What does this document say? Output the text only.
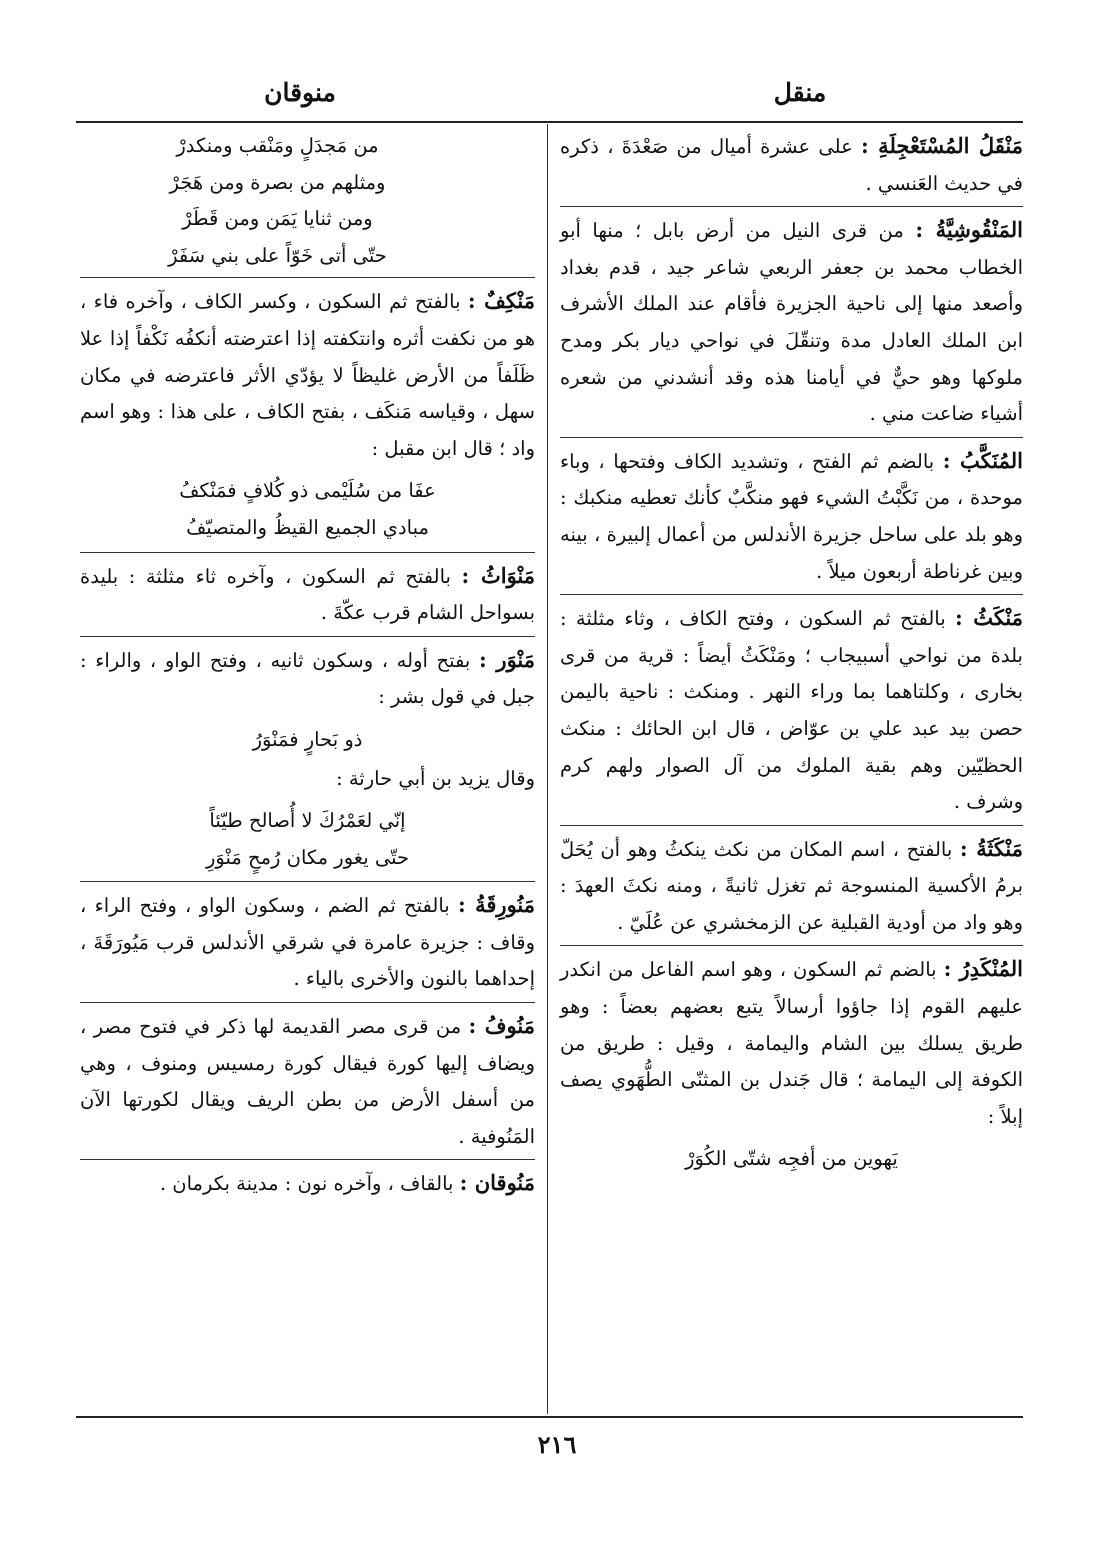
منقل
منوقان
مَنْقَلُ المُسْتَعْجِلَةِ : على عشرة أميال من صَعْدَةَ ، ذكره في حديث العَنسي .
المَنْقُوشِيَّةُ : من قرى النيل من أرض بابل ؛ منها أبو الخطاب محمد بن جعفر الربعي شاعر جيد ، قدم بغداد وأصعد منها إلى ناحية الجزيرة فأقام عند الملك الأشرف ابن الملك العادل مدة وتنقّلَ في نواحي ديار بكر ومدح ملوكها وهو حيٌّ في أيامنا هذه وقد أنشدني من شعره أشياء ضاعت مني .
المُنَكَّبُ : بالضم ثم الفتح ، وتشديد الكاف وفتحها ، وباء موحدة ، من نَكَّبْتُ الشيء فهو منكَّبٌ كأنك تعطيه منكبك : وهو بلد على ساحل جزيرة الأندلس من أعمال إلبيرة ، بينه وبين غرناطة أربعون ميلاً .
مَنْكَثُ : بالفتح ثم السكون ، وفتح الكاف ، وثاء مثلثة : بلدة من نواحي أسبيجاب ؛ ومَنْكَثُ أيضاً : قرية من قرى بخارى ، وكلتاهما بما وراء النهر . ومنكث : ناحية باليمن حصن بيد عبد علي بن عوّاض ، قال ابن الحائك : منكث الحظيّين وهم بقية الملوك من آل الصوار ولهم كرم وشرف .
مَنْكَثَةُ : بالفتح ، اسم المكان من نكث ينكثُ وهو أن يُحَلّ برمُ الأكسية المنسوجة ثم تغزل ثانيةً ، ومنه نكثَ العهدَ : وهو واد من أودية القبلية عن الزمخشري عن عُلَيّ .
المُنْكَدِرُ : بالضم ثم السكون ، وهو اسم الفاعل من انكدر عليهم القوم إذا جاؤوا أرسالاً يتبع بعضهم بعضاً : وهو طريق يسلك بين الشام واليمامة ، وقيل : طريق من الكوفة إلى اليمامة ؛ قال جَندل بن المثنّى الطُّهَوي يصف إبلاً :
يَهوين من أفجِه شتّى الكُوَرْ
من مَجدَلٍ ومَنْقب ومنكدرْ
ومثلهم من بصرة ومن هَجَرْ
ومن ثنايا يَمَن ومن قَطَرْ
حتّى أتى خَوّاً على بني سَفَرْ
مَنْكِفٌ : بالفتح ثم السكون ، وكسر الكاف ، وآخره فاء ، هو من نكفت أثره وانتكفته إذا اعترضته أنكفُه نَكْفاً إذا علا ظَلَفاً من الأرض غليظاً لا يؤدّي الأثر فاعترضه في مكان سهل ، وقياسه مَنكَف ، بفتح الكاف ، على هذا : وهو اسم واد ؛ قال ابن مقبل :
عفَا من سُلَيْمى ذو كُلافٍ فمَنْكفُ
مبادي الجميع القيظُ والمتصيّفُ
مَنْوَاثُ : بالفتح ثم السكون ، وآخره ثاء مثلثة : بليدة بسواحل الشام قرب عكّةَ .
مَنْوَر : بفتح أوله ، وسكون ثانيه ، وفتح الواو ، والراء : جبل في قول بشر :
ذو بَحارٍ فمَنْوَرُ
وقال يزيد بن أبي حارثة :
إنّي لعَمْرُكَ لا أُصالح طيّئاً
حتّى يغور مكان رُمحٍ مَنْوَرِ
مَنُورِقَةُ : بالفتح ثم الضم ، وسكون الواو ، وفتح الراء ، وقاف : جزيرة عامرة في شرقي الأندلس قرب مَيُورَقَةَ ، إحداهما بالنون والأخرى بالياء .
مَنُوفُ : من قرى مصر القديمة لها ذكر في فتوح مصر ، ويضاف إليها كورة فيقال كورة رمسيس ومنوف ، وهي من أسفل الأرض من بطن الريف ويقال لكورتها الآن المَنُوفية .
مَنُوقان : بالقاف ، وآخره نون : مدينة بكرمان .
٢١٦
